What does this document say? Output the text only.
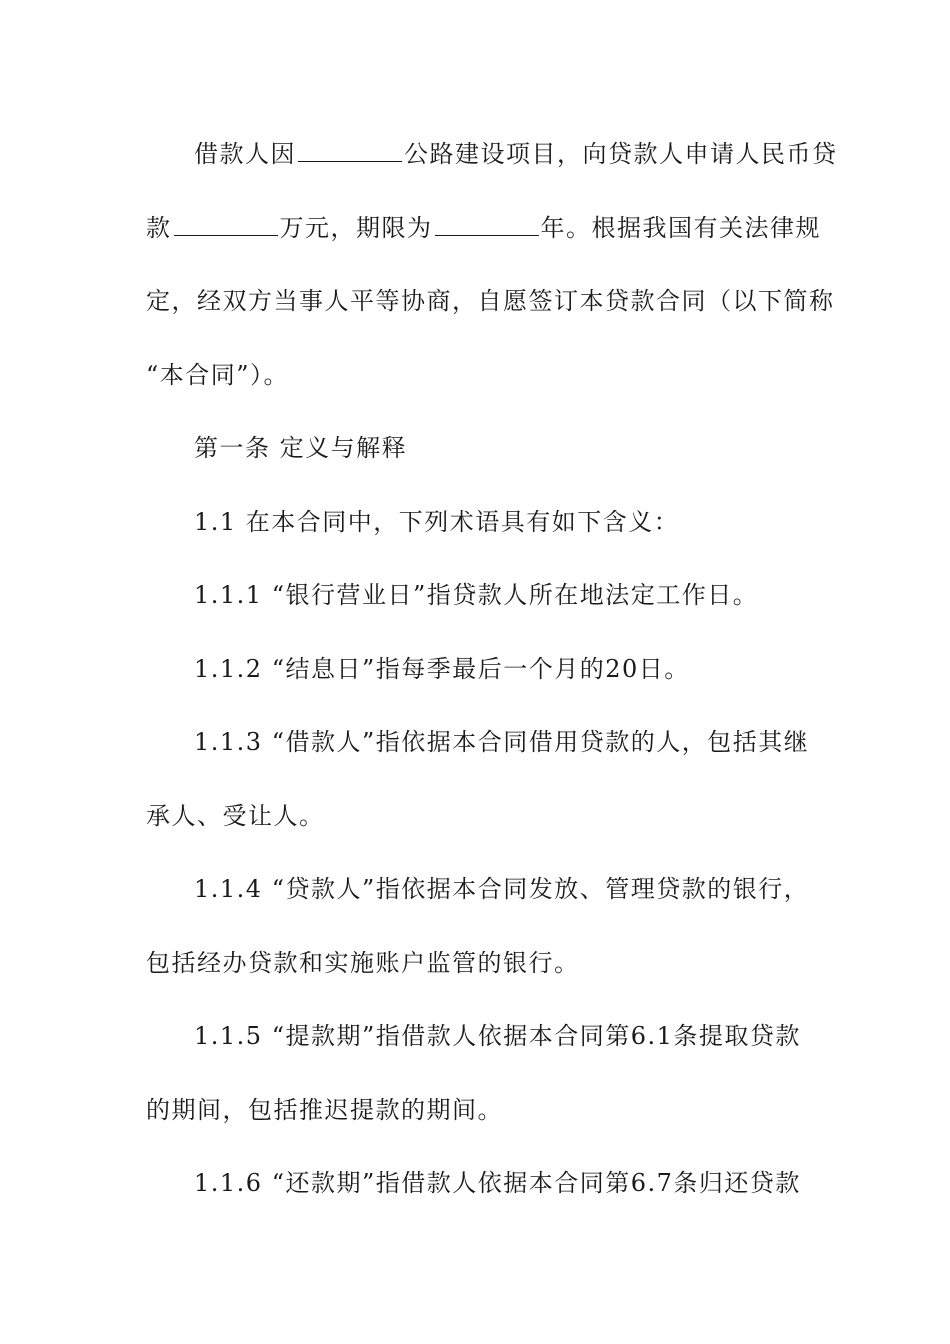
借款人因	公路建设项目，向贷款人申请人民币贷
款	万元，期限为	年。根据我国有关法律规
定，经双方当事人平等协商，自愿签订本贷款合同（以下简称
“本合同”）。
第一条 定义与解释
1.1 在本合同中，下列术语具有如下含义：
1.1.1 “银行营业日”指贷款人所在地法定工作日。
1.1.2 “结息日”指每季最后一个月的20日。
1.1.3 “借款人”指依据本合同借用贷款的人，包括其继
承人、受让人。
1.1.4 “贷款人”指依据本合同发放、管理贷款的银行，
包括经办贷款和实施账户监管的银行。
1.1.5 “提款期”指借款人依据本合同第6.1条提取贷款
的期间，包括推迟提款的期间。
1.1.6 “还款期”指借款人依据本合同第6.7条归还贷款
